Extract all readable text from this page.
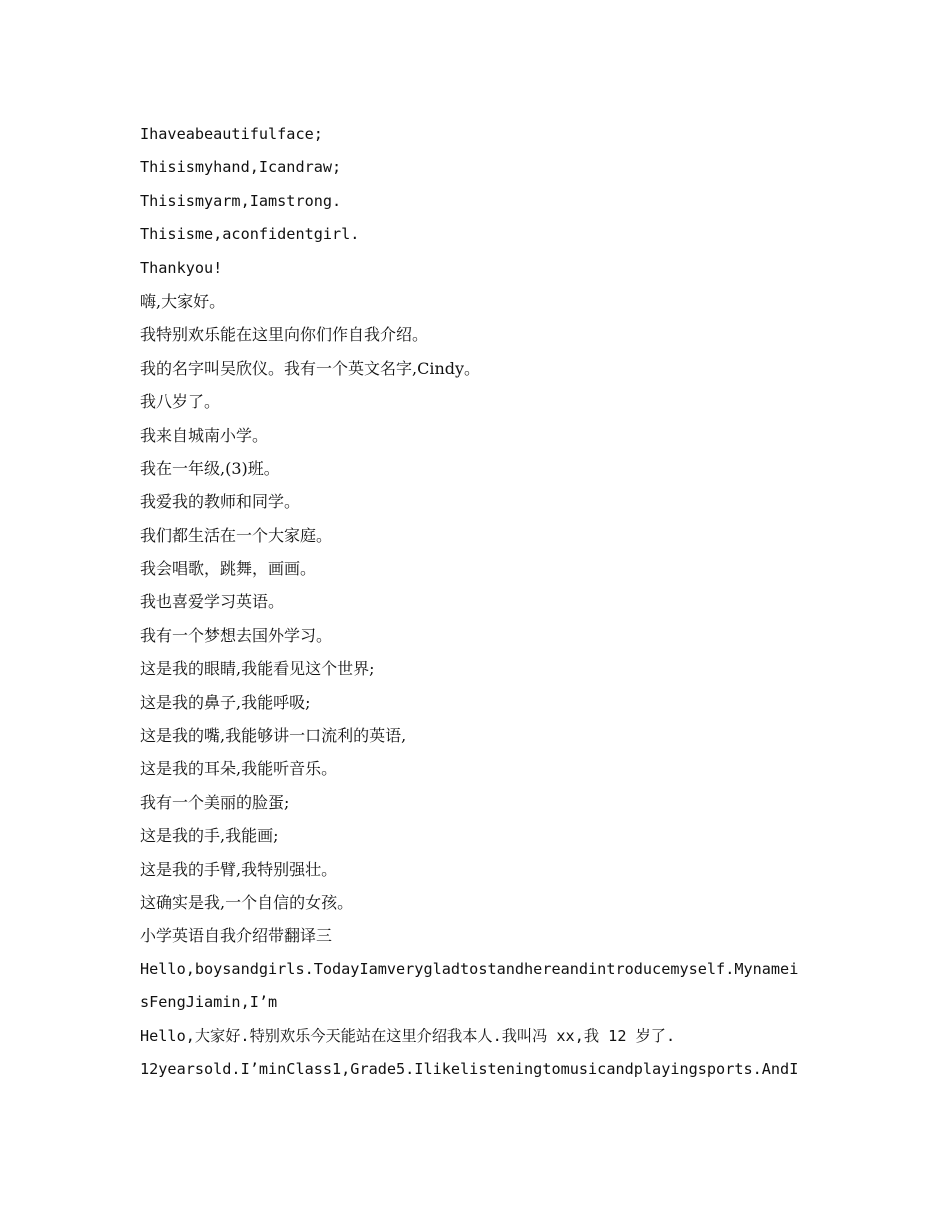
Ihaveabeautifulface;
Thisismyhand,Icandraw;
Thisismyarm,Iamstrong.
Thisisme,aconfidentgirl.
Thankyou!
嗨,大家好。
我特别欢乐能在这里向你们作自我介绍。
我的名字叫吴欣仪。我有一个英文名字,Cindy。
我八岁了。
我来自城南小学。
我在一年级,(3)班。
我爱我的教师和同学。
我们都生活在一个大家庭。
我会唱歌，跳舞，画画。
我也喜爱学习英语。
我有一个梦想去国外学习。
这是我的眼睛,我能看见这个世界;
这是我的鼻子,我能呼吸;
这是我的嘴,我能够讲一口流利的英语,
这是我的耳朵,我能听音乐。
我有一个美丽的脸蛋;
这是我的手,我能画;
这是我的手臂,我特别强壮。
这确实是我,一个自信的女孩。
小学英语自我介绍带翻译三
Hello,boysandgirls.TodayIamverygladtostandhereandintroducemyself.Mynamei
sFengJiamin,I’m
Hello,大家好.特别欢乐今天能站在这里介绍我本人.我叫冯 xx,我 12 岁了.
12yearsold.I’minClass1,Grade5.Ilikelisteningtomusicandplayingsports.AndI
